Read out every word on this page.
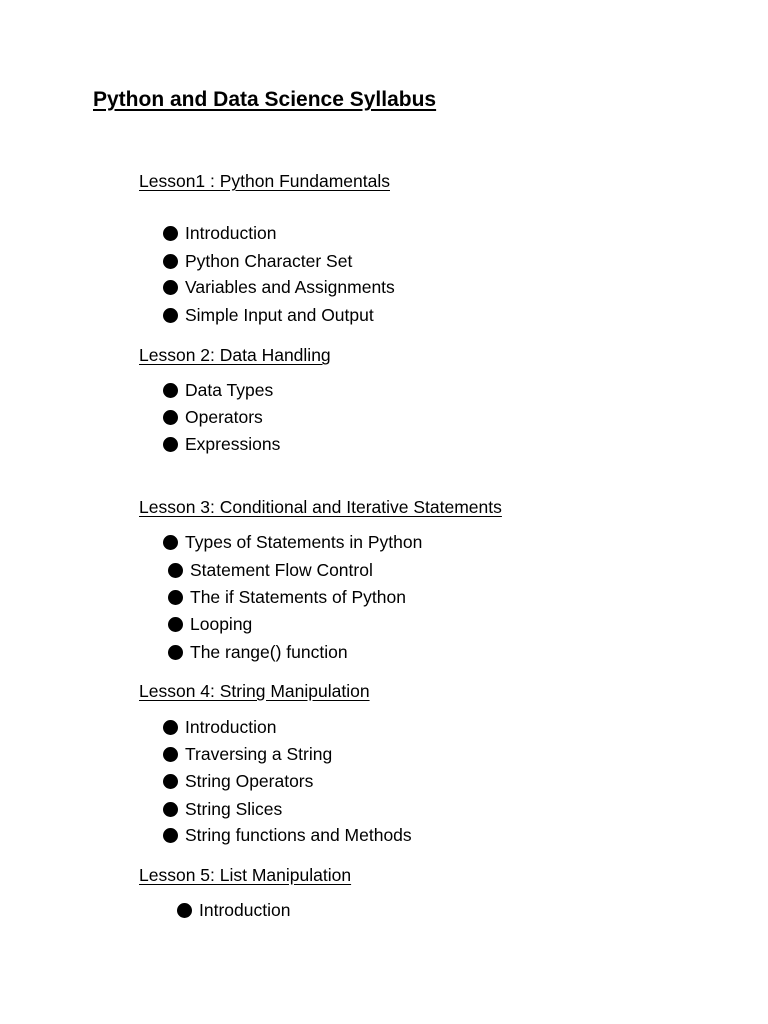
Python and Data Science Syllabus
Lesson1 : Python Fundamentals
Introduction
Python Character Set
Variables and Assignments
Simple Input and Output
Lesson 2: Data Handling
Data Types
Operators
Expressions
Lesson 3: Conditional and Iterative Statements
Types of Statements in Python
Statement Flow Control
The if Statements of Python
Looping
The range() function
Lesson 4: String Manipulation
Introduction
Traversing a String
String Operators
String Slices
String functions and Methods
Lesson 5: List Manipulation
Introduction
